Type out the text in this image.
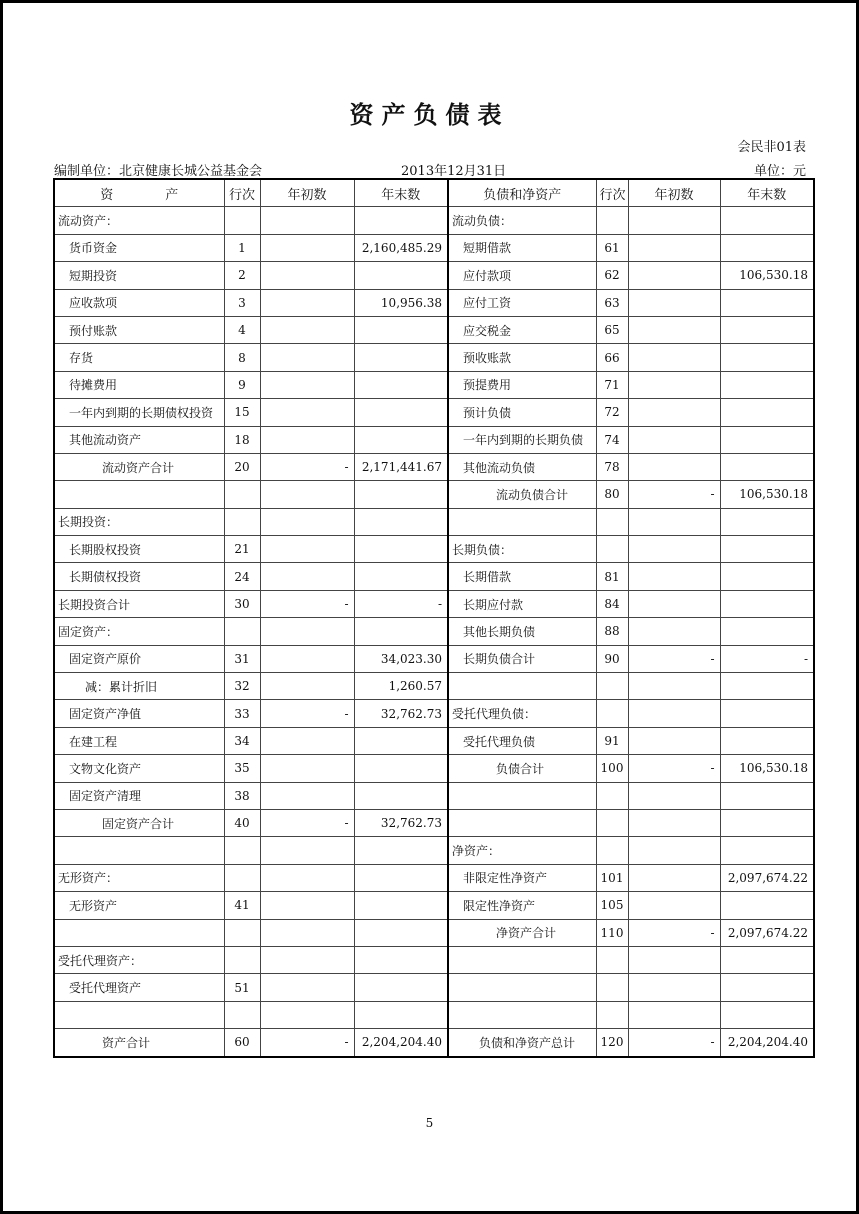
资产负债表
会民非01表
编制单位：北京健康长城公益基金会	2013年12月31日	单位：元
资　　　　产	行次	年初数	年末数	负债和净资产	行次	年初数	年末数
流动资产：				流动负债：			
货币资金	1		2,160,485.29	短期借款	61		
短期投资	2			应付款项	62		106,530.18
应收款项	3		10,956.38	应付工资	63		
预付账款	4			应交税金	65		
存货	8			预收账款	66		
待摊费用	9			预提费用	71		
一年内到期的长期债权投资	15			预计负债	72		
其他流动资产	18			一年内到期的长期负债	74		
流动资产合计	20	-	2,171,441.67	其他流动负债	78		
				流动负债合计	80	-	106,530.18
长期投资：							
长期股权投资	21			长期负债：			
长期债权投资	24			长期借款	81		
长期投资合计	30	-	-	长期应付款	84		
固定资产：				其他长期负债	88		
固定资产原价	31		34,023.30	长期负债合计	90	-	-
减：累计折旧	32		1,260.57				
固定资产净值	33	-	32,762.73	受托代理负债：			
在建工程	34			受托代理负债	91		
文物文化资产	35			负债合计	100	-	106,530.18
固定资产清理	38						
固定资产合计	40	-	32,762.73				
				净资产：			
无形资产：				非限定性净资产	101		2,097,674.22
无形资产	41			限定性净资产	105		
				净资产合计	110	-	2,097,674.22
受托代理资产：							
受托代理资产	51						

资产合计	60	-	2,204,204.40	负债和净资产总计	120	-	2,204,204.40
5
